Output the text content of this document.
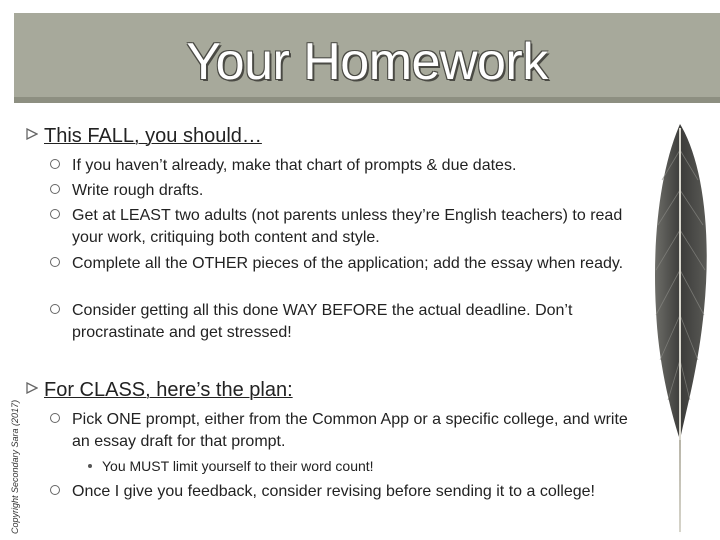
Your Homework
Copyright Secondary Sara (2017)
This FALL, you should…
If you haven’t already, make that chart of prompts & due dates.
Write rough drafts.
Get at LEAST two adults (not parents unless they’re English teachers) to read your work, critiquing both content and style.
Complete all the OTHER pieces of the application; add the essay when ready.
Consider getting all this done WAY BEFORE the actual deadline. Don’t procrastinate and get stressed!
For CLASS, here’s the plan:
Pick ONE prompt, either from the Common App or a specific college, and write an essay draft for that prompt.
You MUST limit yourself to their word count!
Once I give you feedback, consider revising before sending it to a college!
